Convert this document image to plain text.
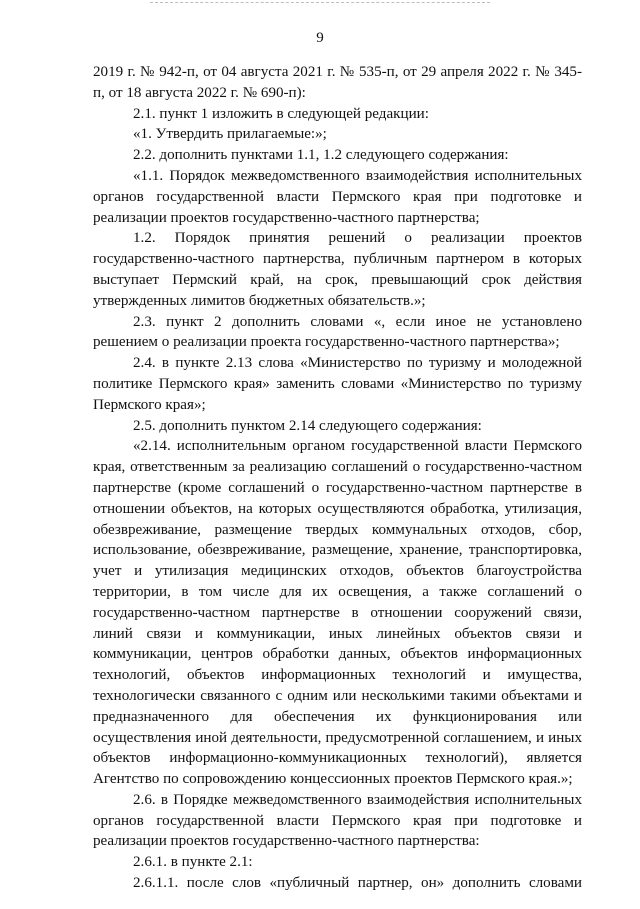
9

2019 г. № 942-п, от 04 августа 2021 г. № 535-п, от 29 апреля 2022 г. № 345-п, от 18 августа 2022 г. № 690-п):

2.1. пункт 1 изложить в следующей редакции:

«1. Утвердить прилагаемые:»;

2.2. дополнить пунктами 1.1, 1.2 следующего содержания:

«1.1. Порядок межведомственного взаимодействия исполнительных органов государственной власти Пермского края при подготовке и реализации проектов государственно-частного партнерства;

1.2. Порядок принятия решений о реализации проектов государственно-частного партнерства, публичным партнером в которых выступает Пермский край, на срок, превышающий срок действия утвержденных лимитов бюджетных обязательств.»;

2.3. пункт 2 дополнить словами «, если иное не установлено решением о реализации проекта государственно-частного партнерства»;

2.4. в пункте 2.13 слова «Министерство по туризму и молодежной политике Пермского края» заменить словами «Министерство по туризму Пермского края»;

2.5. дополнить пунктом 2.14 следующего содержания:

«2.14. исполнительным органом государственной власти Пермского края, ответственным за реализацию соглашений о государственно-частном партнерстве (кроме соглашений о государственно-частном партнерстве в отношении объектов, на которых осуществляются обработка, утилизация, обезвреживание, размещение твердых коммунальных отходов, сбор, использование, обезвреживание, размещение, хранение, транспортировка, учет и утилизация медицинских отходов, объектов благоустройства территории, в том числе для их освещения, а также соглашений о государственно-частном партнерстве в отношении сооружений связи, линий связи и коммуникации, иных линейных объектов связи и коммуникации, центров обработки данных, объектов информационных технологий, объектов информационных технологий и имущества, технологически связанного с одним или несколькими такими объектами и предназначенного для обеспечения их функционирования или осуществления иной деятельности, предусмотренной соглашением, и иных объектов информационно-коммуникационных технологий), является Агентство по сопровождению концессионных проектов Пермского края.»;

2.6. в Порядке межведомственного взаимодействия исполнительных органов государственной власти Пермского края при подготовке и реализации проектов государственно-частного партнерства:

2.6.1. в пункте 2.1:

2.6.1.1. после слов «публичный партнер, он» дополнить словами
